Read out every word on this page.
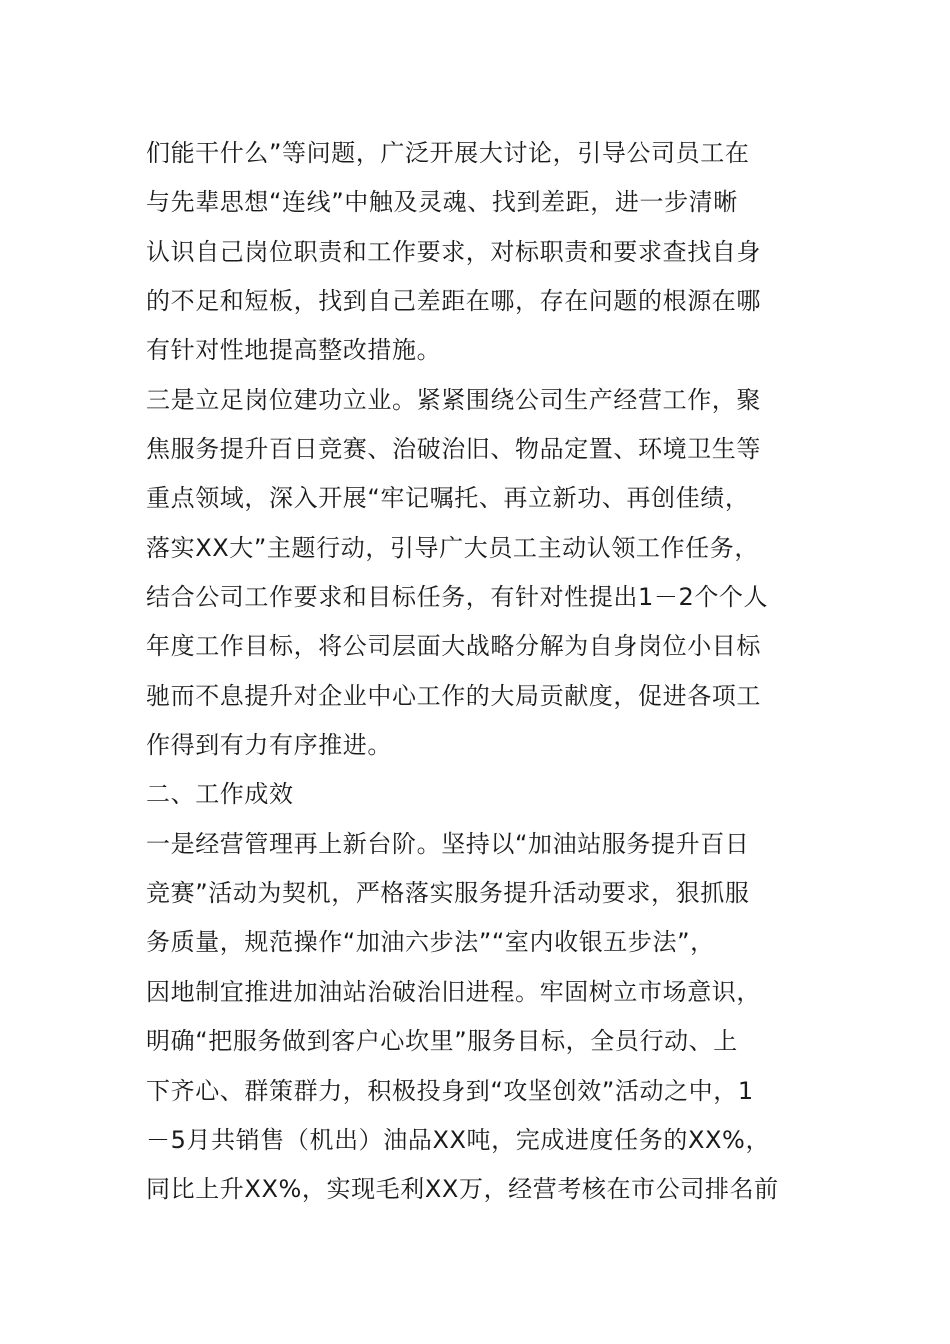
们能干什么”等问题，广泛开展大讨论，引导公司员工在
与先辈思想“连线”中触及灵魂、找到差距，进一步清晰
认识自己岗位职责和工作要求，对标职责和要求查找自身
的不足和短板，找到自己差距在哪，存在问题的根源在哪
有针对性地提高整改措施。
三是立足岗位建功立业。紧紧围绕公司生产经营工作，聚
焦服务提升百日竞赛、治破治旧、物品定置、环境卫生等
重点领域，深入开展“牢记嘱托、再立新功、再创佳绩，
落实XX大”主题行动，引导广大员工主动认领工作任务，
结合公司工作要求和目标任务，有针对性提出1－2个个人
年度工作目标，将公司层面大战略分解为自身岗位小目标
驰而不息提升对企业中心工作的大局贡献度，促进各项工
作得到有力有序推进。
二、工作成效
一是经营管理再上新台阶。坚持以“加油站服务提升百日
竞赛”活动为契机，严格落实服务提升活动要求，狠抓服
务质量，规范操作“加油六步法”“室内收银五步法”，
因地制宜推进加油站治破治旧进程。牢固树立市场意识，
明确“把服务做到客户心坎里”服务目标，全员行动、上
下齐心、群策群力，积极投身到“攻坚创效”活动之中，1
－5月共销售（机出）油品XX吨，完成进度任务的XX%，
同比上升XX%，实现毛利XX万，经营考核在市公司排名前
